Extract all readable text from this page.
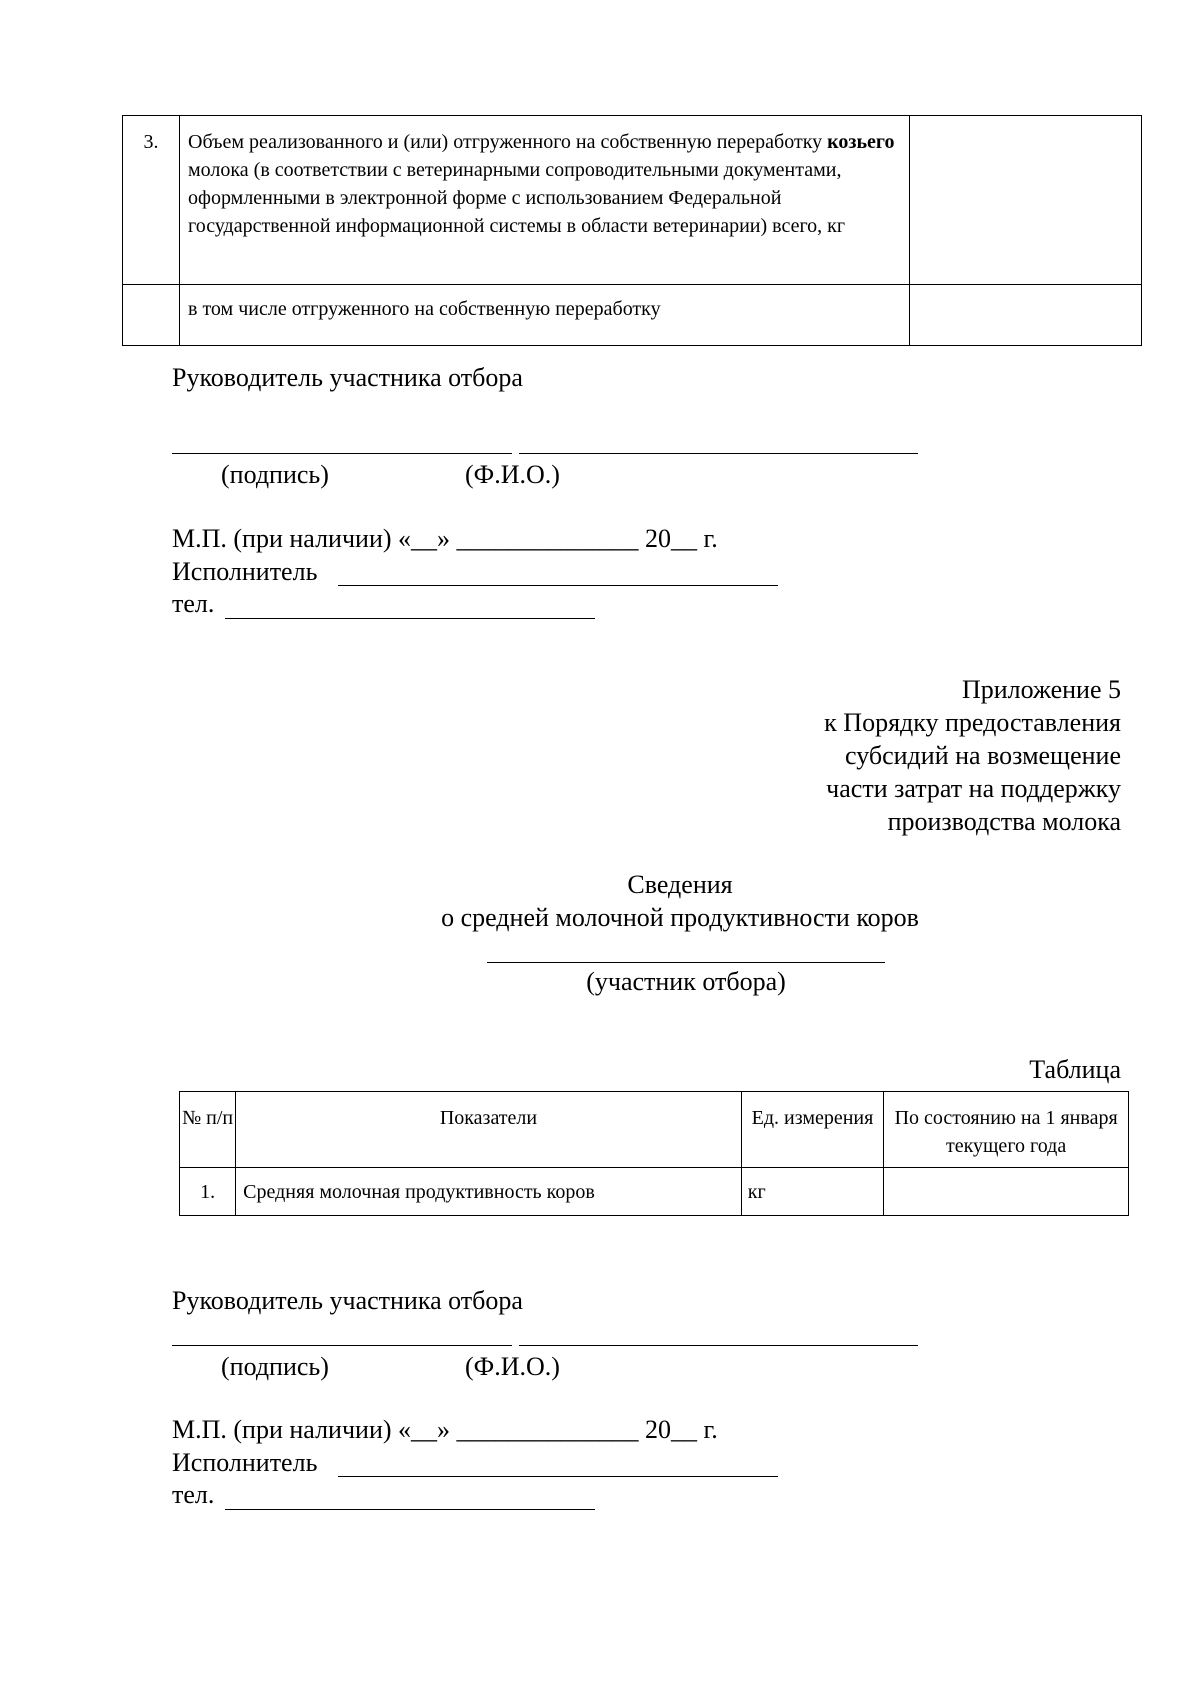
3.	Объем реализованного и (или) отгруженного на собственную переработку козьего молока (в соответствии с ветеринарными сопроводительными документами, оформленными в электронной форме с использованием Федеральной государственной информационной системы в области ветеринарии) всего, кг	
	в том числе отгруженного на собственную переработку	
Руководитель участника отбора
(подпись)	(Ф.И.О.)
М.П. (при наличии) «__» ______________ 20__ г.
Исполнитель
тел.
Приложение 5
к Порядку предоставления
субсидий на возмещение
части затрат на поддержку
производства молока
Сведения
о средней молочной продуктивности коров
(участник отбора)
Таблица
№ п/п	Показатели	Ед. измерения	По состоянию на 1 января текущего года
1.	Средняя молочная продуктивность коров	кг	
Руководитель участника отбора
(подпись)	(Ф.И.О.)
М.П. (при наличии) «__» ______________ 20__ г.
Исполнитель
тел.
